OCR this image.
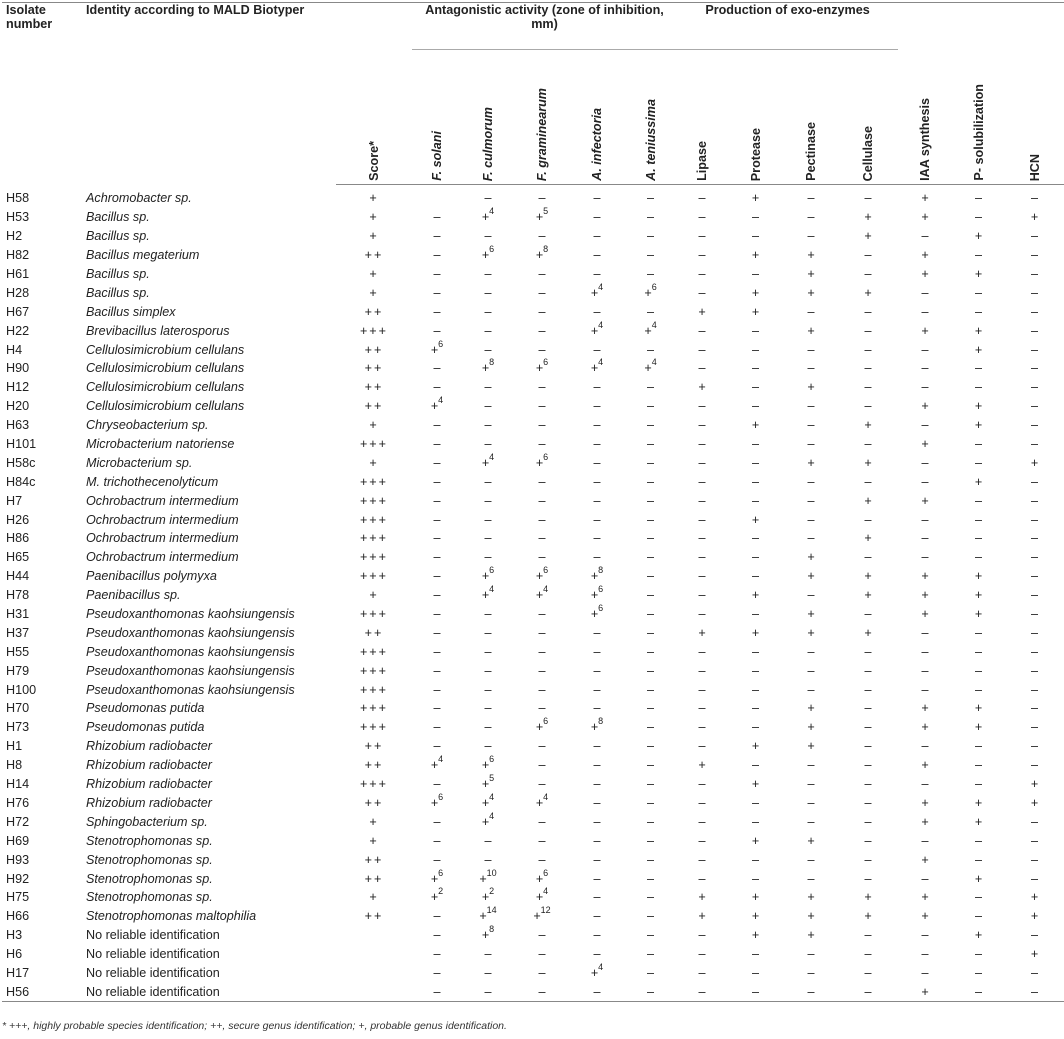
Isolate number	Identity according to MALD Biotyper		Antagonistic activity (zone of inhibition, mm)					Production of exo-enzymes						
		Score*	F. solani	F. culmorum	F. graminearum	A. infectoria	A. teniussima	Lipase	Protease	Pectinase	Cellulase	IAA synthesis	P- solubilization	HCN
H58	Achromobacter sp.	+		–	–	–	–	–	+	–	–	+	–	–
H53	Bacillus sp.	+	–	+$^4$	+$^5$	–	–	–	–	–	+	+	–	+
H2	Bacillus sp.	+	–	–	–	–	–	–	–	–	+	–	+	–
H82	Bacillus megaterium	++	–	+$^6$	+$^8$	–	–	–	+	+	–	+	–	–
H61	Bacillus sp.	+	–	–	–	–	–	–	–	+	–	+	+	–
H28	Bacillus sp.	+	–	–	–	+$^4$	+$^6$	–	+	+	+	–	–	–
H67	Bacillus simplex	++	–	–	–	–	–	+	+	–	–	–	–	–
H22	Brevibacillus laterosporus	+++	–	–	–	+$^4$	+$^4$	–	–	+	–	+	+	–
H4	Cellulosimicrobium cellulans	++	+$^6$	–	–	–	–	–	–	–	–	–	+	–
H90	Cellulosimicrobium cellulans	++	–	+$^8$	+$^6$	+$^4$	+$^4$	–	–	–	–	–	–	–
H12	Cellulosimicrobium cellulans	++	–	–	–	–	–	+	–	+	–	–	–	–
H20	Cellulosimicrobium cellulans	++	+$^4$	–	–	–	–	–	–	–	–	+	+	–
H63	Chryseobacterium sp.	+	–	–	–	–	–	–	+	–	+	–	+	–
H101	Microbacterium natoriense	+++	–	–	–	–	–	–	–	–	–	+	–	–
H58c	Microbacterium sp.	+	–	+$^4$	+$^6$	–	–	–	–	+	+	–	–	+
H84c	M. trichothecenolyticum	+++	–	–	–	–	–	–	–	–	–	–	+	–
H7	Ochrobactrum intermedium	+++	–	–	–	–	–	–	–	–	+	+	–	–
H26	Ochrobactrum intermedium	+++	–	–	–	–	–	–	+	–	–	–	–	–
H86	Ochrobactrum intermedium	+++	–	–	–	–	–	–	–	–	+	–	–	–
H65	Ochrobactrum intermedium	+++	–	–	–	–	–	–	–	+	–	–	–	–
H44	Paenibacillus polymyxa	+++	–	+$^6$	+$^6$	+$^8$	–	–	–	+	+	+	+	–
H78	Paenibacillus sp.	+	–	+$^4$	+$^4$	+$^6$	–	–	+	–	+	+	+	–
H31	Pseudoxanthomonas kaohsiungensis	+++	–	–	–	+$^6$	–	–	–	+	–	+	+	–
H37	Pseudoxanthomonas kaohsiungensis	++	–	–	–	–	–	+	+	+	+	–	–	–
H55	Pseudoxanthomonas kaohsiungensis	+++	–	–	–	–	–	–	–	–	–	–	–	–
H79	Pseudoxanthomonas kaohsiungensis	+++	–	–	–	–	–	–	–	–	–	–	–	–
H100	Pseudoxanthomonas kaohsiungensis	+++	–	–	–	–	–	–	–	–	–	–	–	–
H70	Pseudomonas putida	+++	–	–	–	–	–	–	–	+	–	+	+	–
H73	Pseudomonas putida	+++	–	–	+$^6$	+$^8$	–	–	–	+	–	+	+	–
H1	Rhizobium radiobacter	++	–	–	–	–	–	–	+	+	–	–	–	–
H8	Rhizobium radiobacter	++	+$^4$	+$^6$	–	–	–	+	–	–	–	+	–	–
H14	Rhizobium radiobacter	+++	–	+$^5$	–	–	–	–	+	–	–	–	–	+
H76	Rhizobium radiobacter	++	+$^6$	+$^4$	+$^4$	–	–	–	–	–	–	+	+	+
H72	Sphingobacterium sp.	+	–	+$^4$	–	–	–	–	–	–	–	+	+	–
H69	Stenotrophomonas sp.	+	–	–	–	–	–	–	+	+	–	–	–	–
H93	Stenotrophomonas sp.	++	–	–	–	–	–	–	–	–	–	+	–	–
H92	Stenotrophomonas sp.	++	+$^6$	+$^{10}$	+$^6$	–	–	–	–	–	–	–	+	–
H75	Stenotrophomonas sp.	+	+$^2$	+$^2$	+$^4$	–	–	+	+	+	+	+	–	+
H66	Stenotrophomonas maltophilia	++	–	+$^{14}$	+$^{12}$	–	–	+	+	+	+	+	–	+
H3	No reliable identification		–	+$^8$	–	–	–	–	+	+	–	–	+	–
H6	No reliable identification		–	–	–	–	–	–	–	–	–	–	–	+
H17	No reliable identification		–	–	–	+$^4$	–	–	–	–	–	–	–	–
H56	No reliable identification		–	–	–	–	–	–	–	–	–	+	–	–
* +++, highly probable species identification; ++, secure genus identification; +, probable genus identification.
